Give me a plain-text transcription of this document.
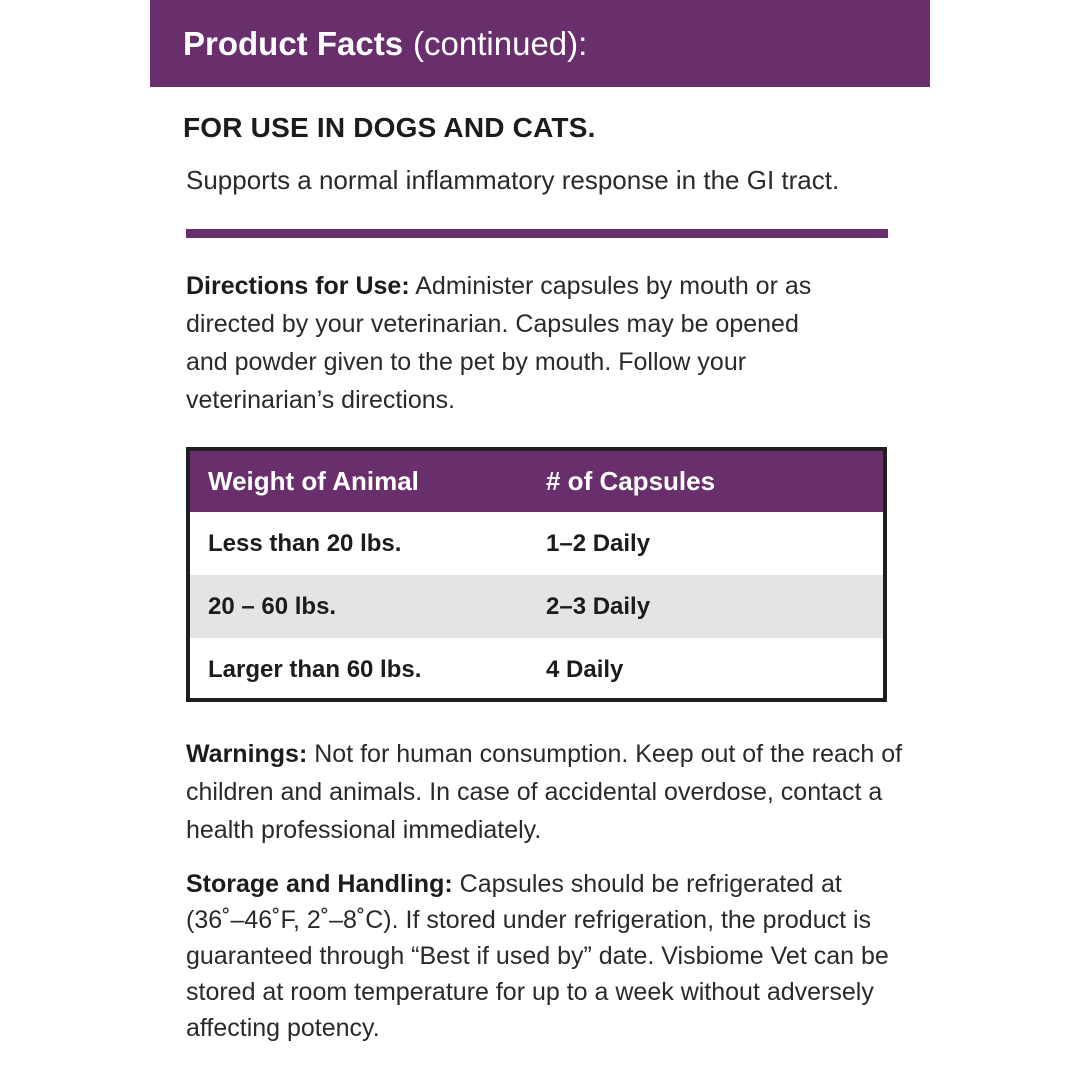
Product Facts (continued):
FOR USE IN DOGS AND CATS.
Supports a normal inflammatory response in the GI tract.
Directions for Use: Administer capsules by mouth or as directed by your veterinarian. Capsules may be opened and powder given to the pet by mouth. Follow your veterinarian’s directions.
Weight of Animal	# of Capsules
Less than 20 lbs.	1–2 Daily
20 – 60 lbs.	2–3 Daily
Larger than 60 lbs.	4 Daily
Warnings: Not for human consumption. Keep out of the reach of children and animals. In case of accidental overdose, contact a health professional immediately.
Storage and Handling: Capsules should be refrigerated at (36˚–46˚F, 2˚–8˚C). If stored under refrigeration, the product is guaranteed through “Best if used by” date. Visbiome Vet can be stored at room temperature for up to a week without adversely affecting potency.
